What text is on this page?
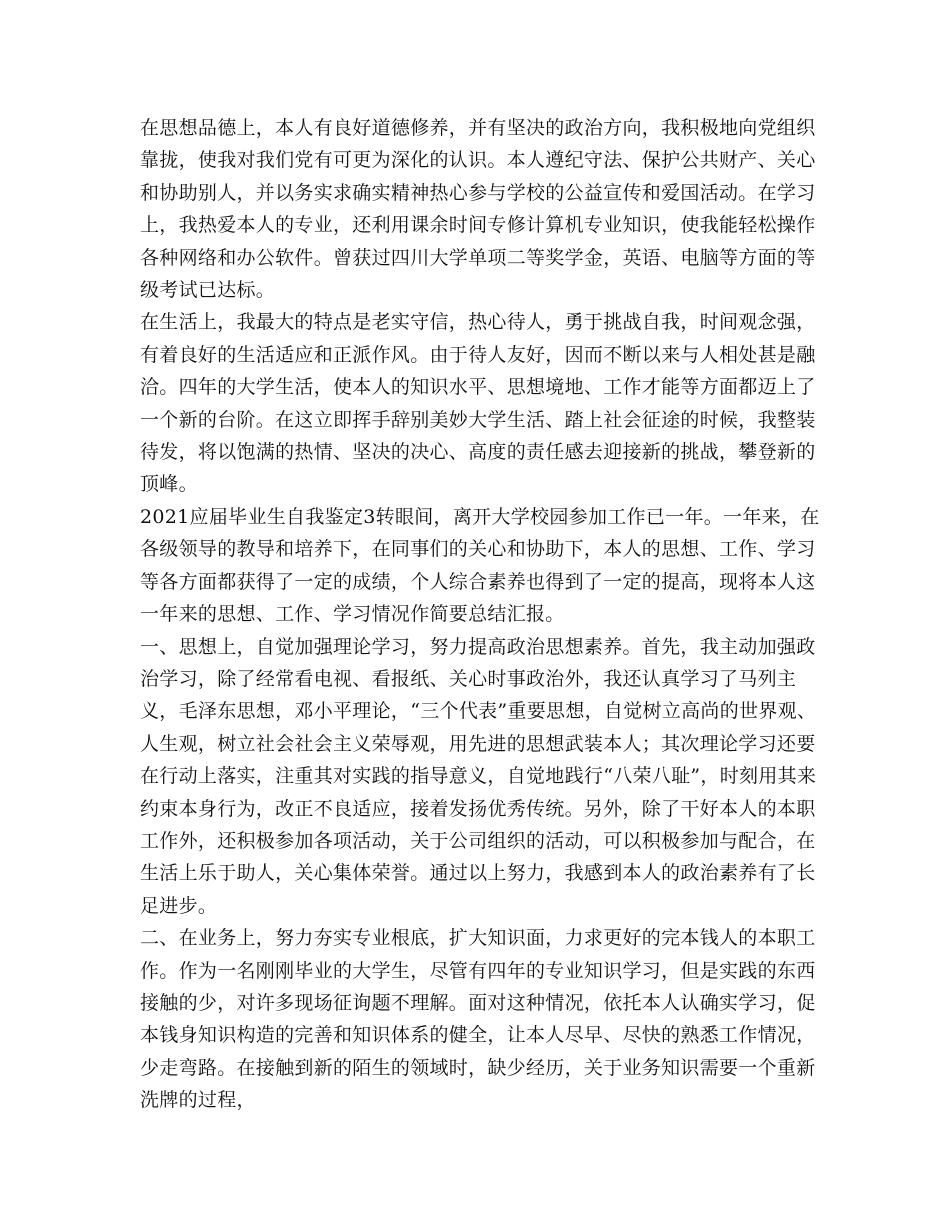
在思想品德上，本人有良好道德修养，并有坚决的政治方向，我积极地向党组织靠拢，使我对我们党有可更为深化的认识。本人遵纪守法、保护公共财产、关心和协助别人，并以务实求确实精神热心参与学校的公益宣传和爱国活动。在学习上，我热爱本人的专业，还利用课余时间专修计算机专业知识，使我能轻松操作各种网络和办公软件。曾获过四川大学单项二等奖学金，英语、电脑等方面的等级考试已达标。

在生活上，我最大的特点是老实守信，热心待人，勇于挑战自我，时间观念强，有着良好的生活适应和正派作风。由于待人友好，因而不断以来与人相处甚是融洽。四年的大学生活，使本人的知识水平、思想境地、工作才能等方面都迈上了一个新的台阶。在这立即挥手辞别美妙大学生活、踏上社会征途的时候，我整装待发，将以饱满的热情、坚决的决心、高度的责任感去迎接新的挑战，攀登新的顶峰。

2021应届毕业生自我鉴定3转眼间，离开大学校园参加工作已一年。一年来，在各级领导的教导和培养下，在同事们的关心和协助下，本人的思想、工作、学习等各方面都获得了一定的成绩，个人综合素养也得到了一定的提高，现将本人这一年来的思想、工作、学习情况作简要总结汇报。

一、思想上，自觉加强理论学习，努力提高政治思想素养。首先，我主动加强政治学习，除了经常看电视、看报纸、关心时事政治外，我还认真学习了马列主义，毛泽东思想，邓小平理论，“三个代表”重要思想，自觉树立高尚的世界观、人生观，树立社会社会主义荣辱观，用先进的思想武装本人；其次理论学习还要在行动上落实，注重其对实践的指导意义，自觉地践行“八荣八耻”，时刻用其来约束本身行为，改正不良适应，接着发扬优秀传统。另外，除了干好本人的本职工作外，还积极参加各项活动，关于公司组织的活动，可以积极参加与配合，在生活上乐于助人，关心集体荣誉。通过以上努力，我感到本人的政治素养有了长足进步。

二、在业务上，努力夯实专业根底，扩大知识面，力求更好的完本钱人的本职工作。作为一名刚刚毕业的大学生，尽管有四年的专业知识学习，但是实践的东西接触的少，对许多现场征询题不理解。面对这种情况，依托本人认确实学习，促本钱身知识构造的完善和知识体系的健全，让本人尽早、尽快的熟悉工作情况，少走弯路。在接触到新的陌生的领域时，缺少经历，关于业务知识需要一个重新洗牌的过程，
